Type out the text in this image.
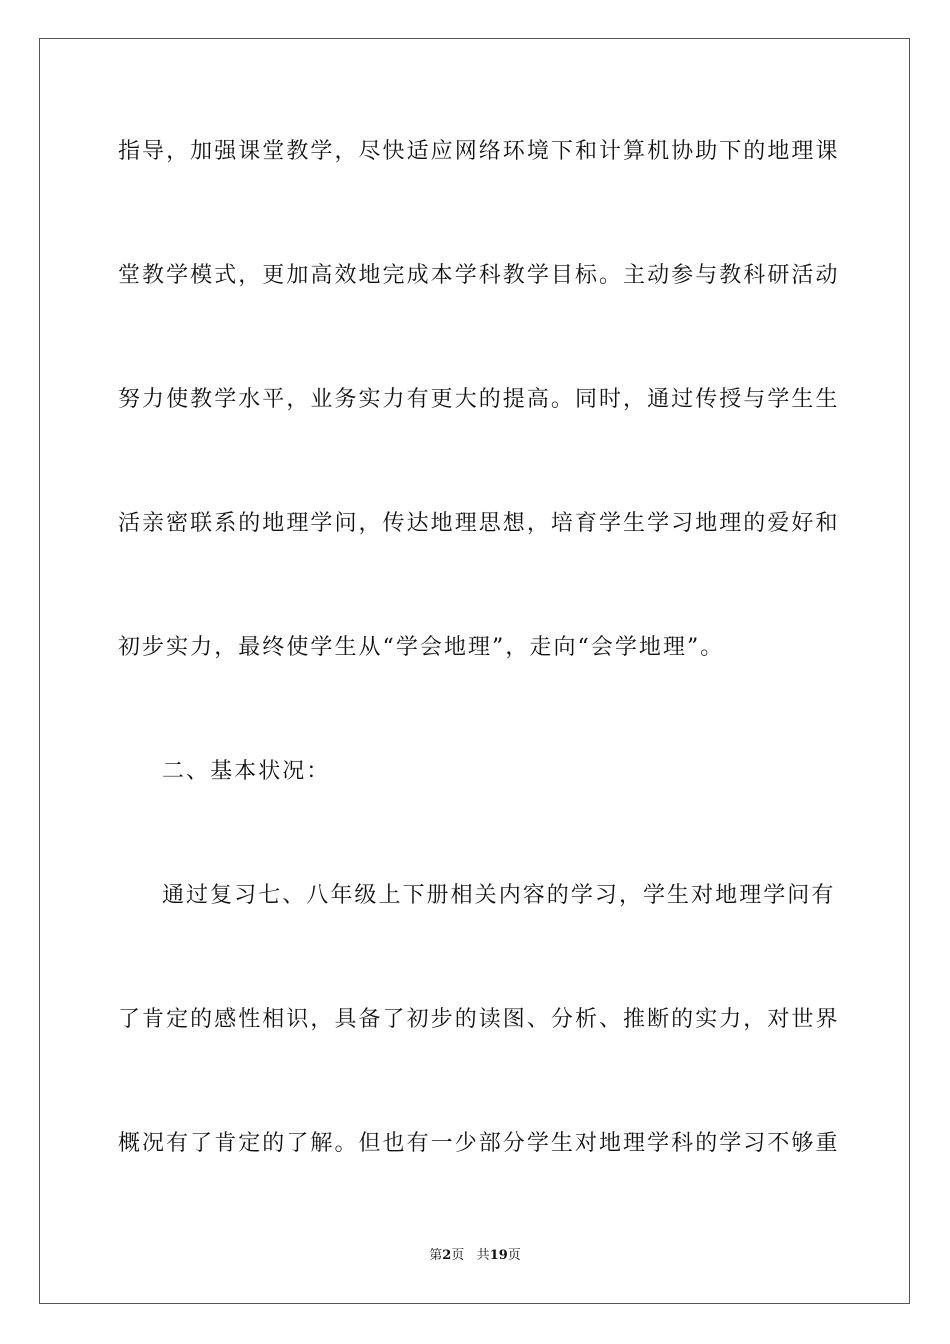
指导，加强课堂教学，尽快适应网络环境下和计算机协助下的地理课
堂教学模式，更加高效地完成本学科教学目标。主动参与教科研活动
努力使教学水平，业务实力有更大的提高。同时，通过传授与学生生
活亲密联系的地理学问，传达地理思想，培育学生学习地理的爱好和
初步实力，最终使学生从“学会地理”，走向“会学地理”。
二、基本状况：
通过复习七、八年级上下册相关内容的学习，学生对地理学问有
了肯定的感性相识，具备了初步的读图、分析、推断的实力，对世界
概况有了肯定的了解。但也有一少部分学生对地理学科的学习不够重
第2页 共19页
